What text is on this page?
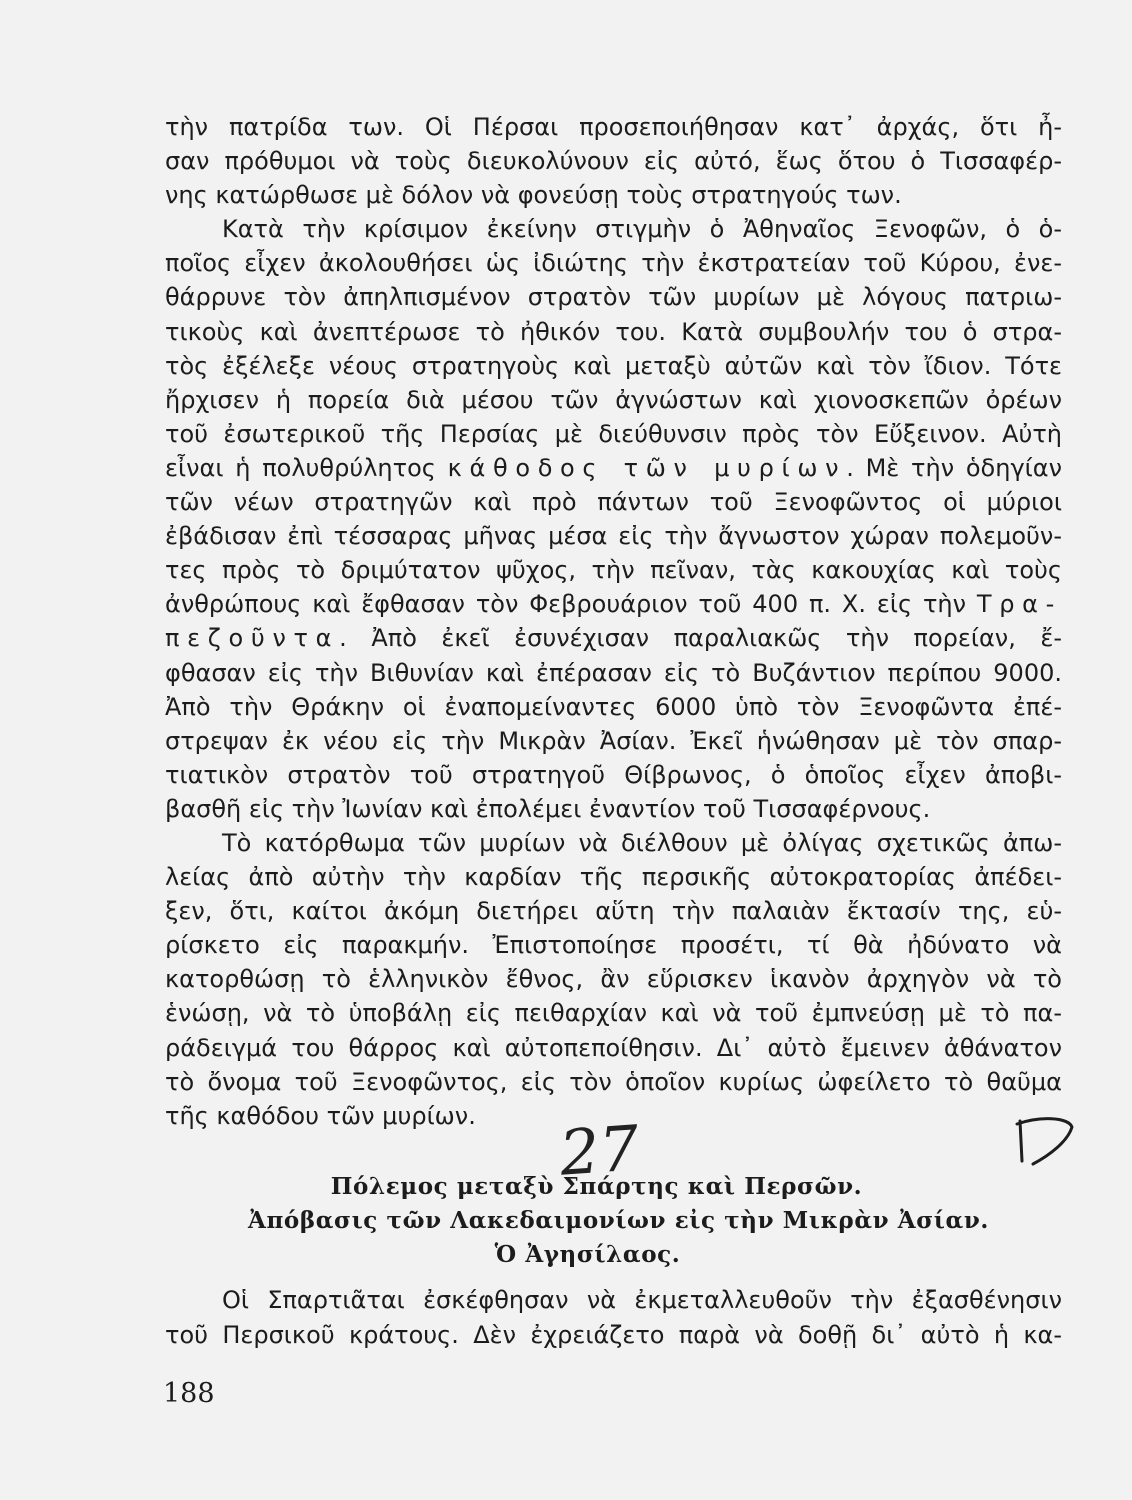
τὴν πατρίδα των. Οἱ Πέρσαι προσεποιήθησαν κατ᾽ ἀρχάς, ὅτι ἦ-
σαν πρόθυμοι νὰ τοὺς διευκολύνουν εἰς αὐτό, ἕως ὅτου ὁ Τισσαφέρ-
νης κατώρθωσε μὲ δόλον νὰ φονεύσῃ τοὺς στρατηγούς των.
Κατὰ τὴν κρίσιμον ἐκείνην στιγμὴν ὁ Ἀθηναῖος Ξενοφῶν, ὁ ὁ-
ποῖος εἶχεν ἀκολουθήσει ὡς ἰδιώτης τὴν ἐκστρατείαν τοῦ Κύρου, ἐνε-
θάρρυνε τὸν ἀπηλπισμένον στρατὸν τῶν μυρίων μὲ λόγους πατριω-
τικοὺς καὶ ἀνεπτέρωσε τὸ ἠθικόν του. Κατὰ συμβουλήν του ὁ στρα-
τὸς ἐξέλεξε νέους στρατηγοὺς καὶ μεταξὺ αὐτῶν καὶ τὸν ἴδιον. Τότε
ἤρχισεν ἡ πορεία διὰ μέσου τῶν ἀγνώστων καὶ χιονοσκεπῶν ὀρέων
τοῦ ἐσωτερικοῦ τῆς Περσίας μὲ διεύθυνσιν πρὸς τὸν Εὔξεινον. Αὐτὴ
εἶναι ἡ πολυθρύλητος κάθοδος τῶν μυρίων. Μὲ τὴν ὁδηγίαν
τῶν νέων στρατηγῶν καὶ πρὸ πάντων τοῦ Ξενοφῶντος οἱ μύριοι
ἐβάδισαν ἐπὶ τέσσαρας μῆνας μέσα εἰς τὴν ἄγνωστον χώραν πολεμοῦν-
τες πρὸς τὸ δριμύτατον ψῦχος, τὴν πεῖναν, τὰς κακουχίας καὶ τοὺς
ἀνθρώπους καὶ ἔφθασαν τὸν Φεβρουάριον τοῦ 400 π. Χ. εἰς τὴν Τρα-
πεζοῦντα. Ἀπὸ ἐκεῖ ἐσυνέχισαν παραλιακῶς τὴν πορείαν, ἔ-
φθασαν εἰς τὴν Βιθυνίαν καὶ ἐπέρασαν εἰς τὸ Βυζάντιον περίπου 9000.
Ἀπὸ τὴν Θράκην οἱ ἐναπομείναντες 6000 ὑπὸ τὸν Ξενοφῶντα ἐπέ-
στρεψαν ἐκ νέου εἰς τὴν Μικρὰν Ἀσίαν. Ἐκεῖ ἡνώθησαν μὲ τὸν σπαρ-
τιατικὸν στρατὸν τοῦ στρατηγοῦ Θίβρωνος, ὁ ὁποῖος εἶχεν ἀποβι-
βασθῆ εἰς τὴν Ἰωνίαν καὶ ἐπολέμει ἐναντίον τοῦ Τισσαφέρνους.
Τὸ κατόρθωμα τῶν μυρίων νὰ διέλθουν μὲ ὀλίγας σχετικῶς ἀπω-
λείας ἀπὸ αὐτὴν τὴν καρδίαν τῆς περσικῆς αὐτοκρατορίας ἀπέδει-
ξεν, ὅτι, καίτοι ἀκόμη διετήρει αὕτη τὴν παλαιὰν ἔκτασίν της, εὑ-
ρίσκετο εἰς παρακμήν. Ἐπιστοποίησε προσέτι, τί θὰ ἠδύνατο νὰ
κατορθώσῃ τὸ ἑλληνικὸν ἔθνος, ἂν εὕρισκεν ἱκανὸν ἀρχηγὸν νὰ τὸ
ἑνώσῃ, νὰ τὸ ὑποβάλῃ εἰς πειθαρχίαν καὶ νὰ τοῦ ἐμπνεύσῃ μὲ τὸ πα-
ράδειγμά του θάρρος καὶ αὐτοπεποίθησιν. Δι᾽ αὐτὸ ἔμεινεν ἀθάνατον
τὸ ὄνομα τοῦ Ξενοφῶντος, εἰς τὸν ὁποῖον κυρίως ὠφείλετο τὸ θαῦμα
τῆς καθόδου τῶν μυρίων.
Πόλεμος μεταξὺ Σπάρτης καὶ Περσῶν.
Ἀπόβασις τῶν Λακεδαιμονίων εἰς τὴν Μικρὰν Ἀσίαν.
Ὁ Ἀγησίλαος.
Οἱ Σπαρτιᾶται ἐσκέφθησαν νὰ ἐκμεταλλευθοῦν τὴν ἐξασθένησιν
τοῦ Περσικοῦ κράτους. Δὲν ἐχρειάζετο παρὰ νὰ δοθῇ δι᾽ αὐτὸ ἡ κα-
188
27
